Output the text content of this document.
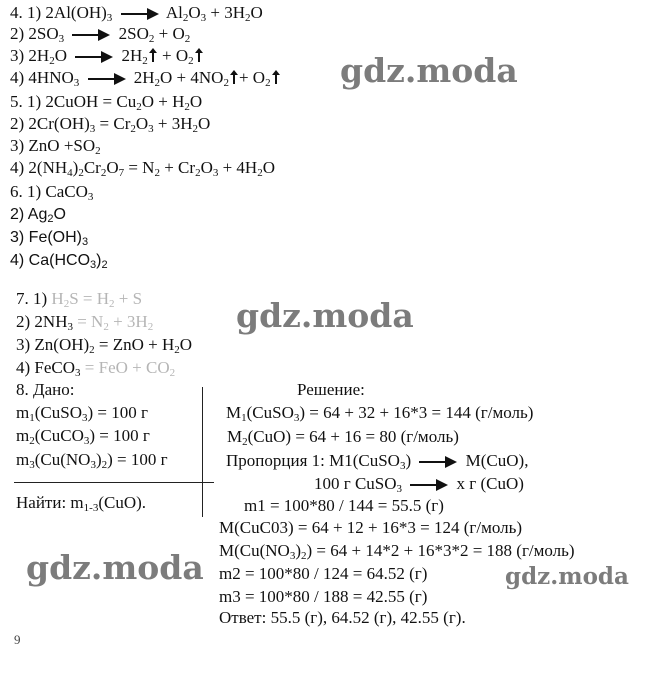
4. 1) $2Al(OH)_3$	$Al_2O_3 + 3H_2O$
2) $2SO_3$	$2SO_2 + O_2$
3) $2H_2O$	$2H_2 + O_2$
4) $4HNO_3$	$2H_2O + 4NO_2 + O_2$	gdz.moda
5. 1) 2CuOH = $Cu_2O + H_2O$
2) $2Cr(OH)_3 = Cr_2O_3 + 3H_2O$
3) ZnO $+SO_2$
4) $2(NH_4)_2Cr_2O_7 = N_2 + Cr_2O_3 + 4H_2O$
6. 1) CaCO$_3$
2) $Ag_2O$
3) $Fe(OH)_3$
4) $Ca(HCO_3)_2$
7. 1) $H_2S = H_2 + S$
2) $2NH_3 = N_2 + 3H_2$
3) $Zn(OH)_2$ = ZnO + $H_2O$
4) FeCO$_3$ = FeO + $CO_2$
gdz.moda
8. Дано:
$m_1(CuSO_3) = 100$ г
$m_2(CuCO_3) = 100$ г
$m_3(Cu(NO_3)_2) = 100$ г
Найти: $m_{1-3}(CuO)$.
Решение:
$M_1(CuSO_3) = 64 + 32 + 16*3 = 144$ (г/моль)
$M_2(CuO) = 64 + 16 = 80$ (г/моль)
Пропорция 1: M1(CuSO$_3$)	M(CuO),
100 г CuSO$_3$	х г (CuO)
m1 = 100*80 / 144 = 55.5 (г)
M(CuC03) = 64 + 12 + 16*3 = 124 (г/моль)
$M(Cu(NO_3)_2) = 64 + 14*2 + 16*3*2 = 188$ (г/моль)
m2 = 100*80 / 124 = 64.52 (г)
m3 = 100*80 / 188 = 42.55 (г)
Ответ: 55.5 (г), 64.52 (г), 42.55 (г).
9
gdz.moda	gdz.moda
